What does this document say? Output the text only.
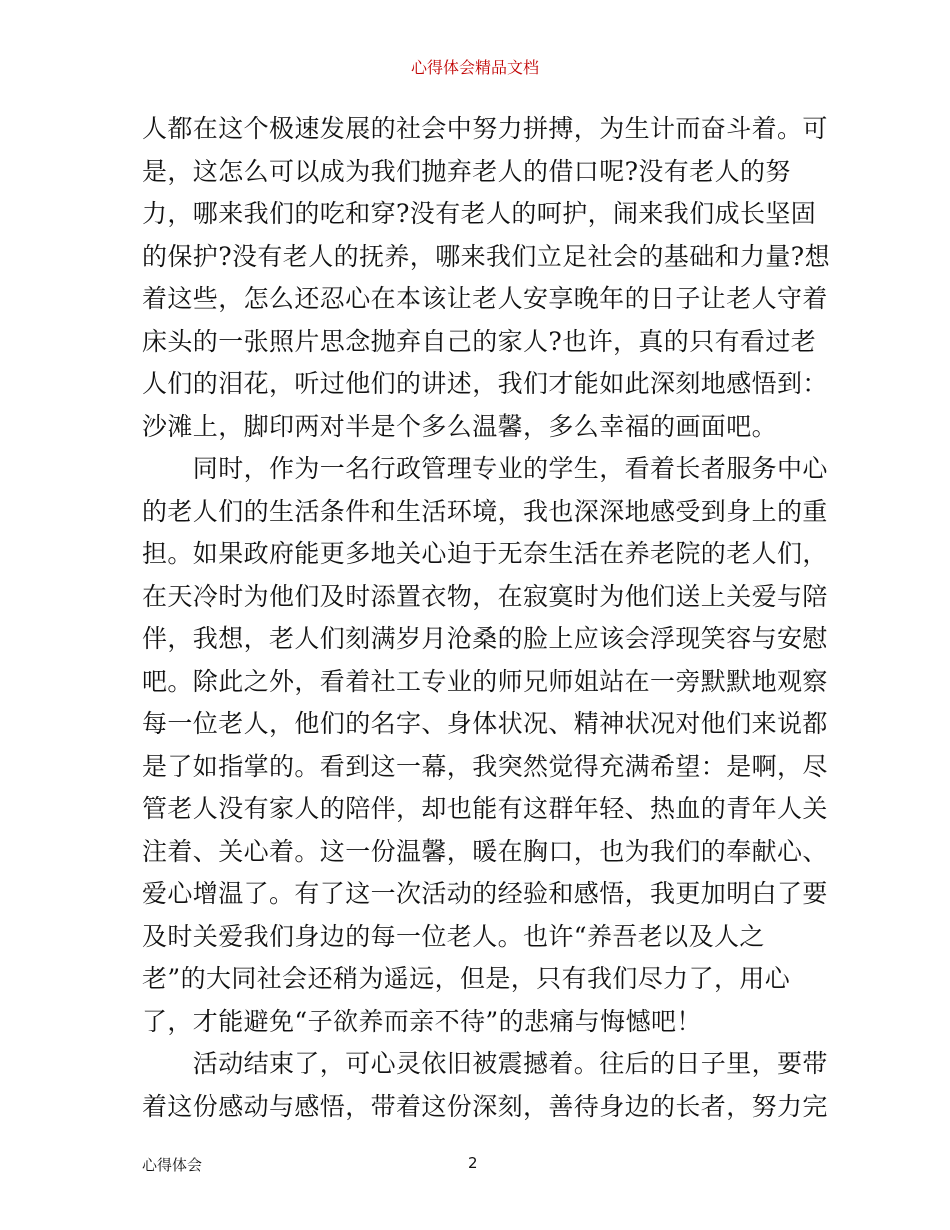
心得体会精品文档
人都在这个极速发展的社会中努力拼搏，为生计而奋斗着。可
是，这怎么可以成为我们抛弃老人的借口呢?没有老人的努
力，哪来我们的吃和穿?没有老人的呵护，闹来我们成长坚固
的保护?没有老人的抚养，哪来我们立足社会的基础和力量?想
着这些，怎么还忍心在本该让老人安享晚年的日子让老人守着
床头的一张照片思念抛弃自己的家人?也许，真的只有看过老
人们的泪花，听过他们的讲述，我们才能如此深刻地感悟到：
沙滩上，脚印两对半是个多么温馨，多么幸福的画面吧。
　　同时，作为一名行政管理专业的学生，看着长者服务中心
的老人们的生活条件和生活环境，我也深深地感受到身上的重
担。如果政府能更多地关心迫于无奈生活在养老院的老人们，
在天冷时为他们及时添置衣物，在寂寞时为他们送上关爱与陪
伴，我想，老人们刻满岁月沧桑的脸上应该会浮现笑容与安慰
吧。除此之外，看着社工专业的师兄师姐站在一旁默默地观察
每一位老人，他们的名字、身体状况、精神状况对他们来说都
是了如指掌的。看到这一幕，我突然觉得充满希望：是啊，尽
管老人没有家人的陪伴，却也能有这群年轻、热血的青年人关
注着、关心着。这一份温馨，暖在胸口，也为我们的奉献心、
爱心增温了。有了这一次活动的经验和感悟，我更加明白了要
及时关爱我们身边的每一位老人。也许“养吾老以及人之
老”的大同社会还稍为遥远，但是，只有我们尽力了，用心
了，才能避免“子欲养而亲不待”的悲痛与悔憾吧！
　　活动结束了，可心灵依旧被震撼着。往后的日子里，要带
着这份感动与感悟，带着这份深刻，善待身边的长者，努力完
心得体会	2
